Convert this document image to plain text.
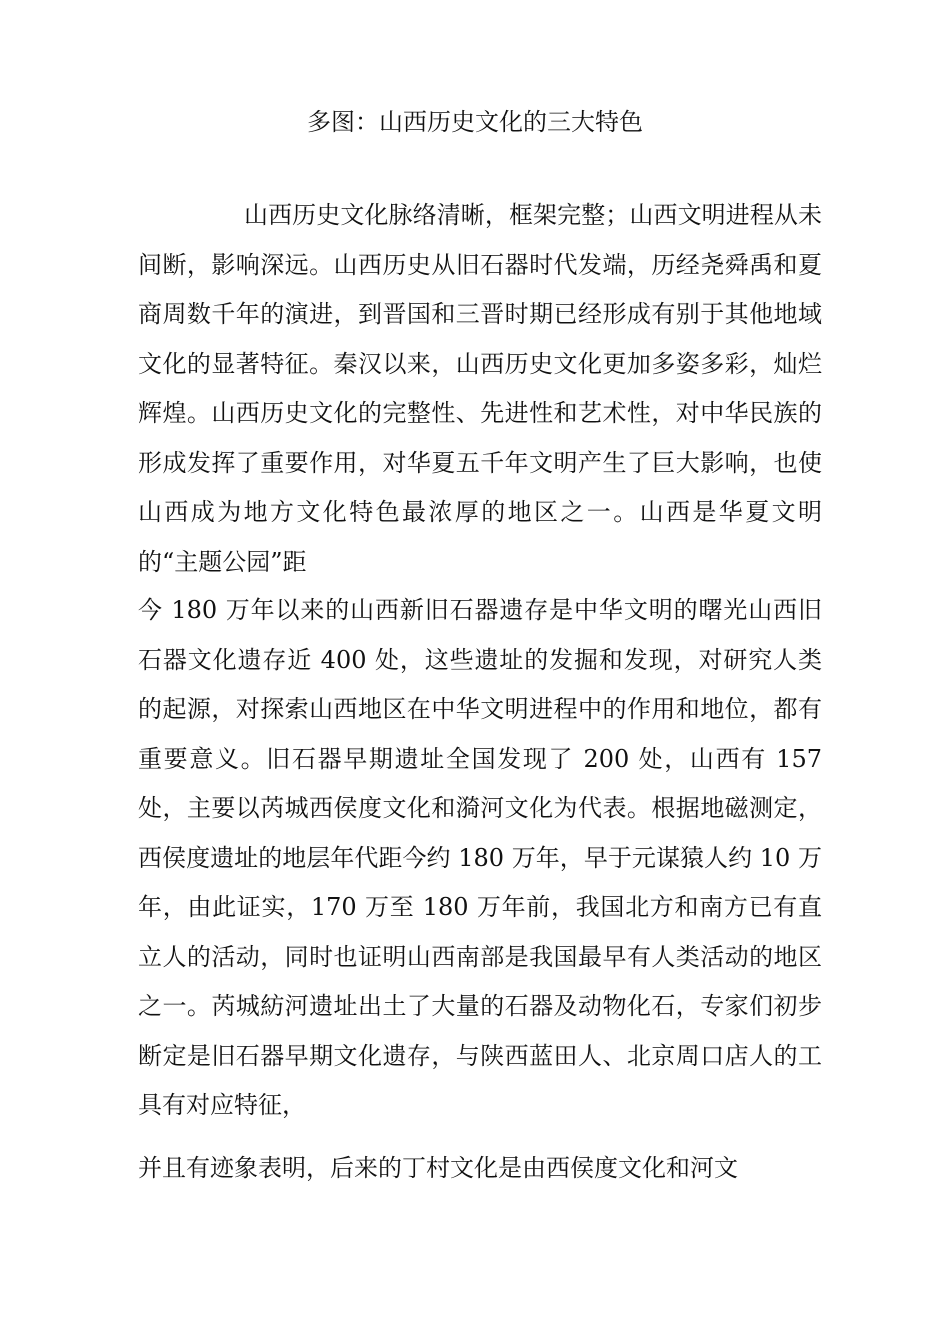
多图：山西历史文化的三大特色

山西历史文化脉络清晰，框架完整；山西文明进程从未间断，影响深远。山西历史从旧石器时代发端，历经尧舜禹和夏商周数千年的演进，到晋国和三晋时期已经形成有别于其他地域文化的显著特征。秦汉以来，山西历史文化更加多姿多彩，灿烂辉煌。山西历史文化的完整性、先进性和艺术性，对中华民族的形成发挥了重要作用，对华夏五千年文明产生了巨大影响，也使山西成为地方文化特色最浓厚的地区之一。山西是华夏文明的“主题公园”距

今 180 万年以来的山西新旧石器遗存是中华文明的曙光山西旧石器文化遗存近 400 处，这些遗址的发掘和发现，对研究人类的起源，对探索山西地区在中华文明进程中的作用和地位，都有重要意义。旧石器早期遗址全国发现了 200 处，山西有 157 处，主要以芮城西侯度文化和漪河文化为代表。根据地磁测定，西侯度遗址的地层年代距今约 180 万年，早于元谋猿人约 10 万年，由此证实，170 万至 180 万年前，我国北方和南方已有直立人的活动，同时也证明山西南部是我国最早有人类活动的地区之一。芮城紡河遗址出土了大量的石器及动物化石，专家们初步断定是旧石器早期文化遗存，与陕西蓝田人、北京周口店人的工具有对应特征，

并且有迹象表明，后来的丁村文化是由西侯度文化和河文
